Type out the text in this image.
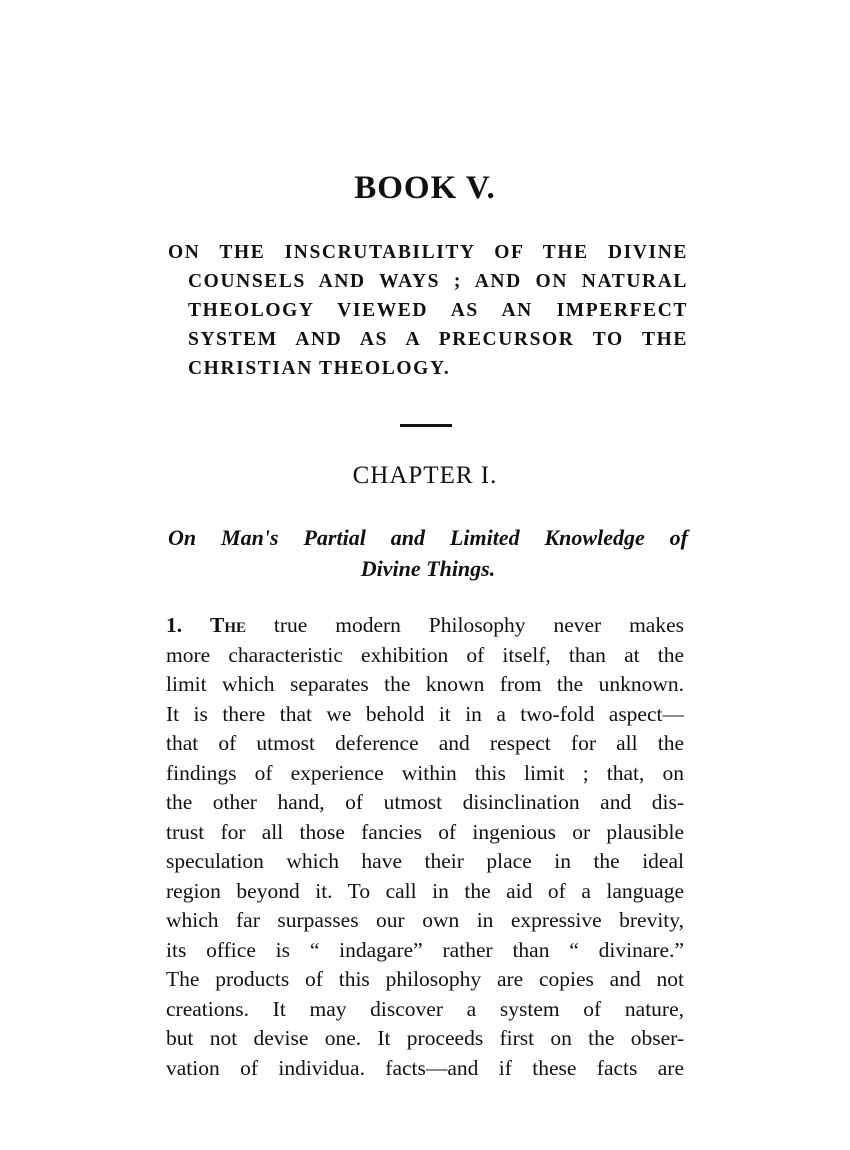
BOOK V.
ON THE INSCRUTABILITY OF THE DIVINE
COUNSELS AND WAYS ; AND ON NATURAL
THEOLOGY VIEWED AS AN IMPERFECT
SYSTEM AND AS A PRECURSOR TO THE
CHRISTIAN THEOLOGY.
CHAPTER I.
On Man's Partial and Limited Knowledge of
Divine Things.
1. The true modern Philosophy never makes
more characteristic exhibition of itself, than at the
limit which separates the known from the unknown.
It is there that we behold it in a two-fold aspect—
that of utmost deference and respect for all the
findings of experience within this limit ; that, on
the other hand, of utmost disinclination and dis-
trust for all those fancies of ingenious or plausible
speculation which have their place in the ideal
region beyond it. To call in the aid of a language
which far surpasses our own in expressive brevity,
its office is “ indagare” rather than “ divinare.”
The products of this philosophy are copies and not
creations. It may discover a system of nature,
but not devise one. It proceeds first on the obser-
vation of individua. facts—and if these facts are
